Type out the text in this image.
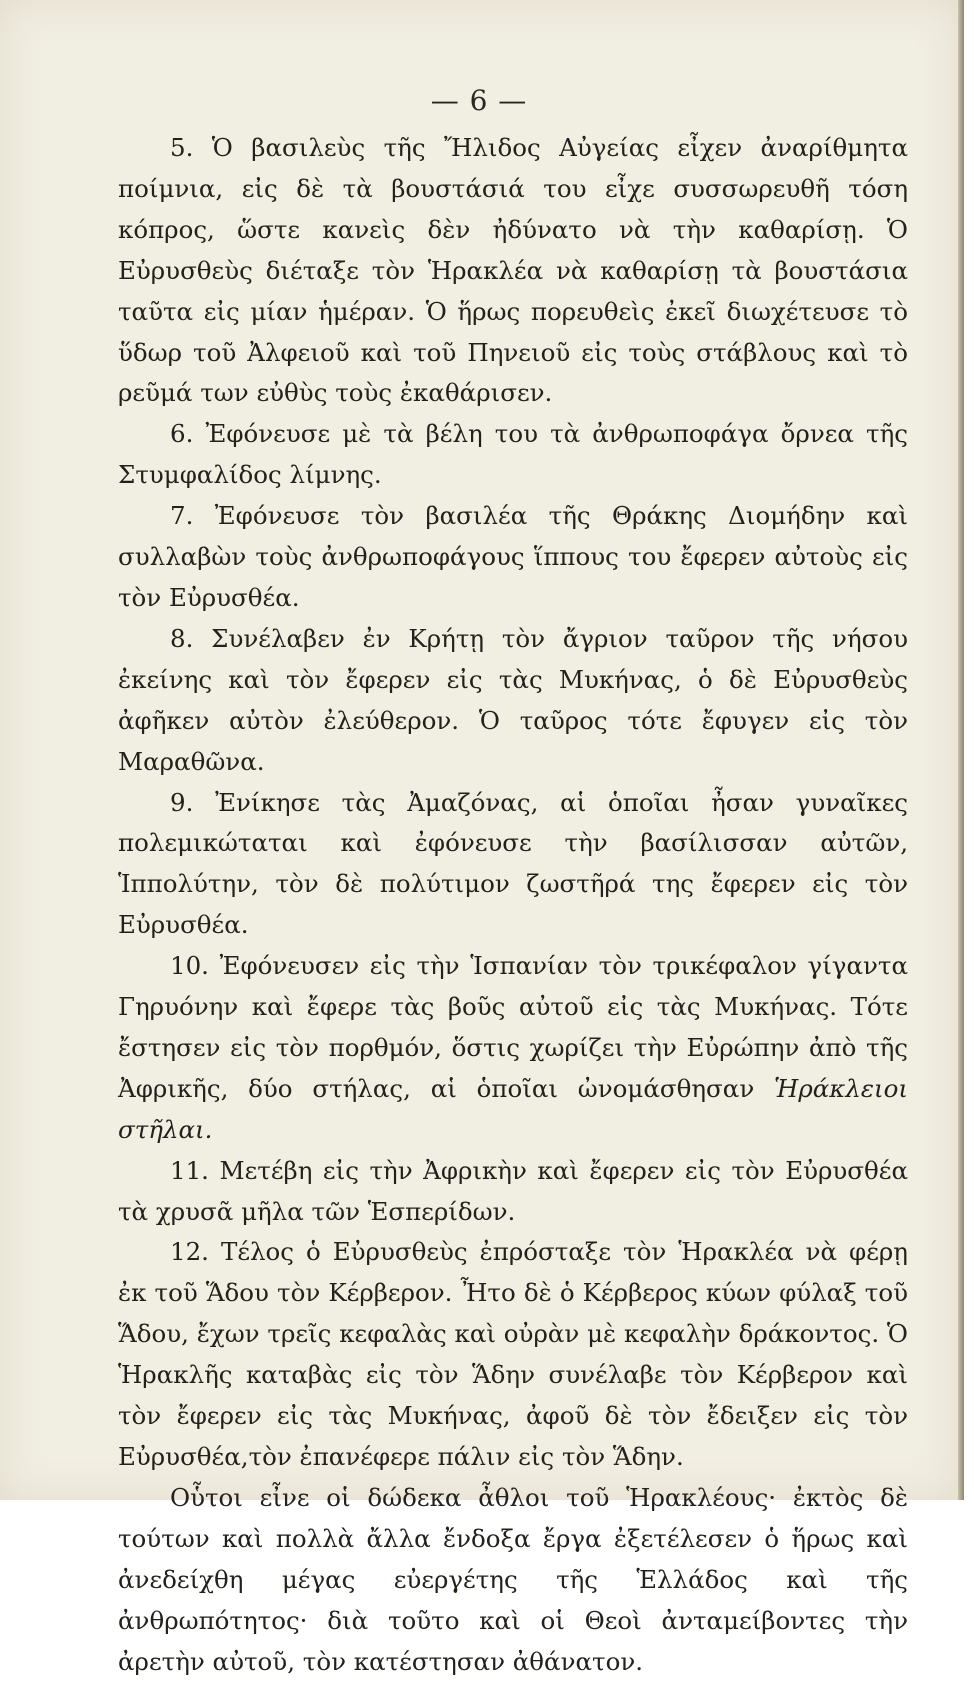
— 6 —

5. Ὁ βασιλεὺς τῆς Ἤλιδος Αὐγείας εἶχεν ἀναρίθμητα ποίμνια, εἰς δὲ τὰ βουστάσιά του εἶχε συσσωρευθῆ τόση κόπρος, ὥστε κανεὶς δὲν ἠδύνατο νὰ τὴν καθαρίσῃ. Ὁ Εὐρυσθεὺς διέταξε τὸν Ἡρακλέα νὰ καθαρίσῃ τὰ βουστάσια ταῦτα εἰς μίαν ἡμέραν. Ὁ ἥρως πορευθεὶς ἐκεῖ διωχέτευσε τὸ ὕδωρ τοῦ Ἀλφειοῦ καὶ τοῦ Πηνειοῦ εἰς τοὺς στάβλους καὶ τὸ ρεῦμά των εὐθὺς τοὺς ἐκαθάρισεν.

6. Ἐφόνευσε μὲ τὰ βέλη του τὰ ἀνθρωποφάγα ὄρνεα τῆς Στυμφαλίδος λίμνης.

7. Ἐφόνευσε τὸν βασιλέα τῆς Θράκης Διομήδην καὶ συλλαβὼν τοὺς ἀνθρωποφάγους ἵππους του ἔφερεν αὐτοὺς εἰς τὸν Εὐρυσθέα.

8. Συνέλαβεν ἐν Κρήτῃ τὸν ἄγριον ταῦρον τῆς νήσου ἐκείνης καὶ τὸν ἔφερεν εἰς τὰς Μυκήνας, ὁ δὲ Εὐρυσθεὺς ἀφῆκεν αὐτὸν ἐλεύθερον. Ὁ ταῦρος τότε ἔφυγεν εἰς τὸν Μαραθῶνα.

9. Ἐνίκησε τὰς Ἀμαζόνας, αἱ ὁποῖαι ἦσαν γυναῖκες πολεμικώταται καὶ ἐφόνευσε τὴν βασίλισσαν αὐτῶν, Ἱππολύτην, τὸν δὲ πολύτιμον ζωστῆρά της ἔφερεν εἰς τὸν Εὐρυσθέα.

10. Ἐφόνευσεν εἰς τὴν Ἱσπανίαν τὸν τρικέφαλον γίγαντα Γηρυόνην καὶ ἔφερε τὰς βοῦς αὐτοῦ εἰς τὰς Μυκήνας. Τότε ἔστησεν εἰς τὸν πορθμόν, ὅστις χωρίζει τὴν Εὐρώπην ἀπὸ τῆς Ἀφρικῆς, δύο στήλας, αἱ ὁποῖαι ὠνομάσθησαν Ἡράκλειοι στῆλαι.

11. Μετέβη εἰς τὴν Ἀφρικὴν καὶ ἔφερεν εἰς τὸν Εὐρυσθέα τὰ χρυσᾶ μῆλα τῶν Ἑσπερίδων.

12. Τέλος ὁ Εὐρυσθεὺς ἐπρόσταξε τὸν Ἡρακλέα νὰ φέρῃ ἐκ τοῦ Ἅδου τὸν Κέρβερον. Ἦτο δὲ ὁ Κέρβερος κύων φύλαξ τοῦ Ἅδου, ἔχων τρεῖς κεφαλὰς καὶ οὐρὰν μὲ κεφαλὴν δράκοντος. Ὁ Ἡρακλῆς καταβὰς εἰς τὸν Ἅδην συνέλαβε τὸν Κέρβερον καὶ τὸν ἔφερεν εἰς τὰς Μυκήνας, ἀφοῦ δὲ τὸν ἔδειξεν εἰς τὸν Εὐρυσθέα,τὸν ἐπανέφερε πάλιν εἰς τὸν Ἅδην.

Οὗτοι εἶνε οἱ δώδεκα ἆθλοι τοῦ Ἡρακλέους· ἐκτὸς δὲ τούτων καὶ πολλὰ ἄλλα ἔνδοξα ἔργα ἐξετέλεσεν ὁ ἥρως καὶ ἀνεδείχθη μέγας εὐεργέτης τῆς Ἑλλάδος καὶ τῆς ἀνθρωπότητος· διὰ τοῦτο καὶ οἱ Θεοὶ ἀνταμείβοντες τὴν ἀρετὴν αὐτοῦ, τὸν κατέστησαν ἀθάνατον.
